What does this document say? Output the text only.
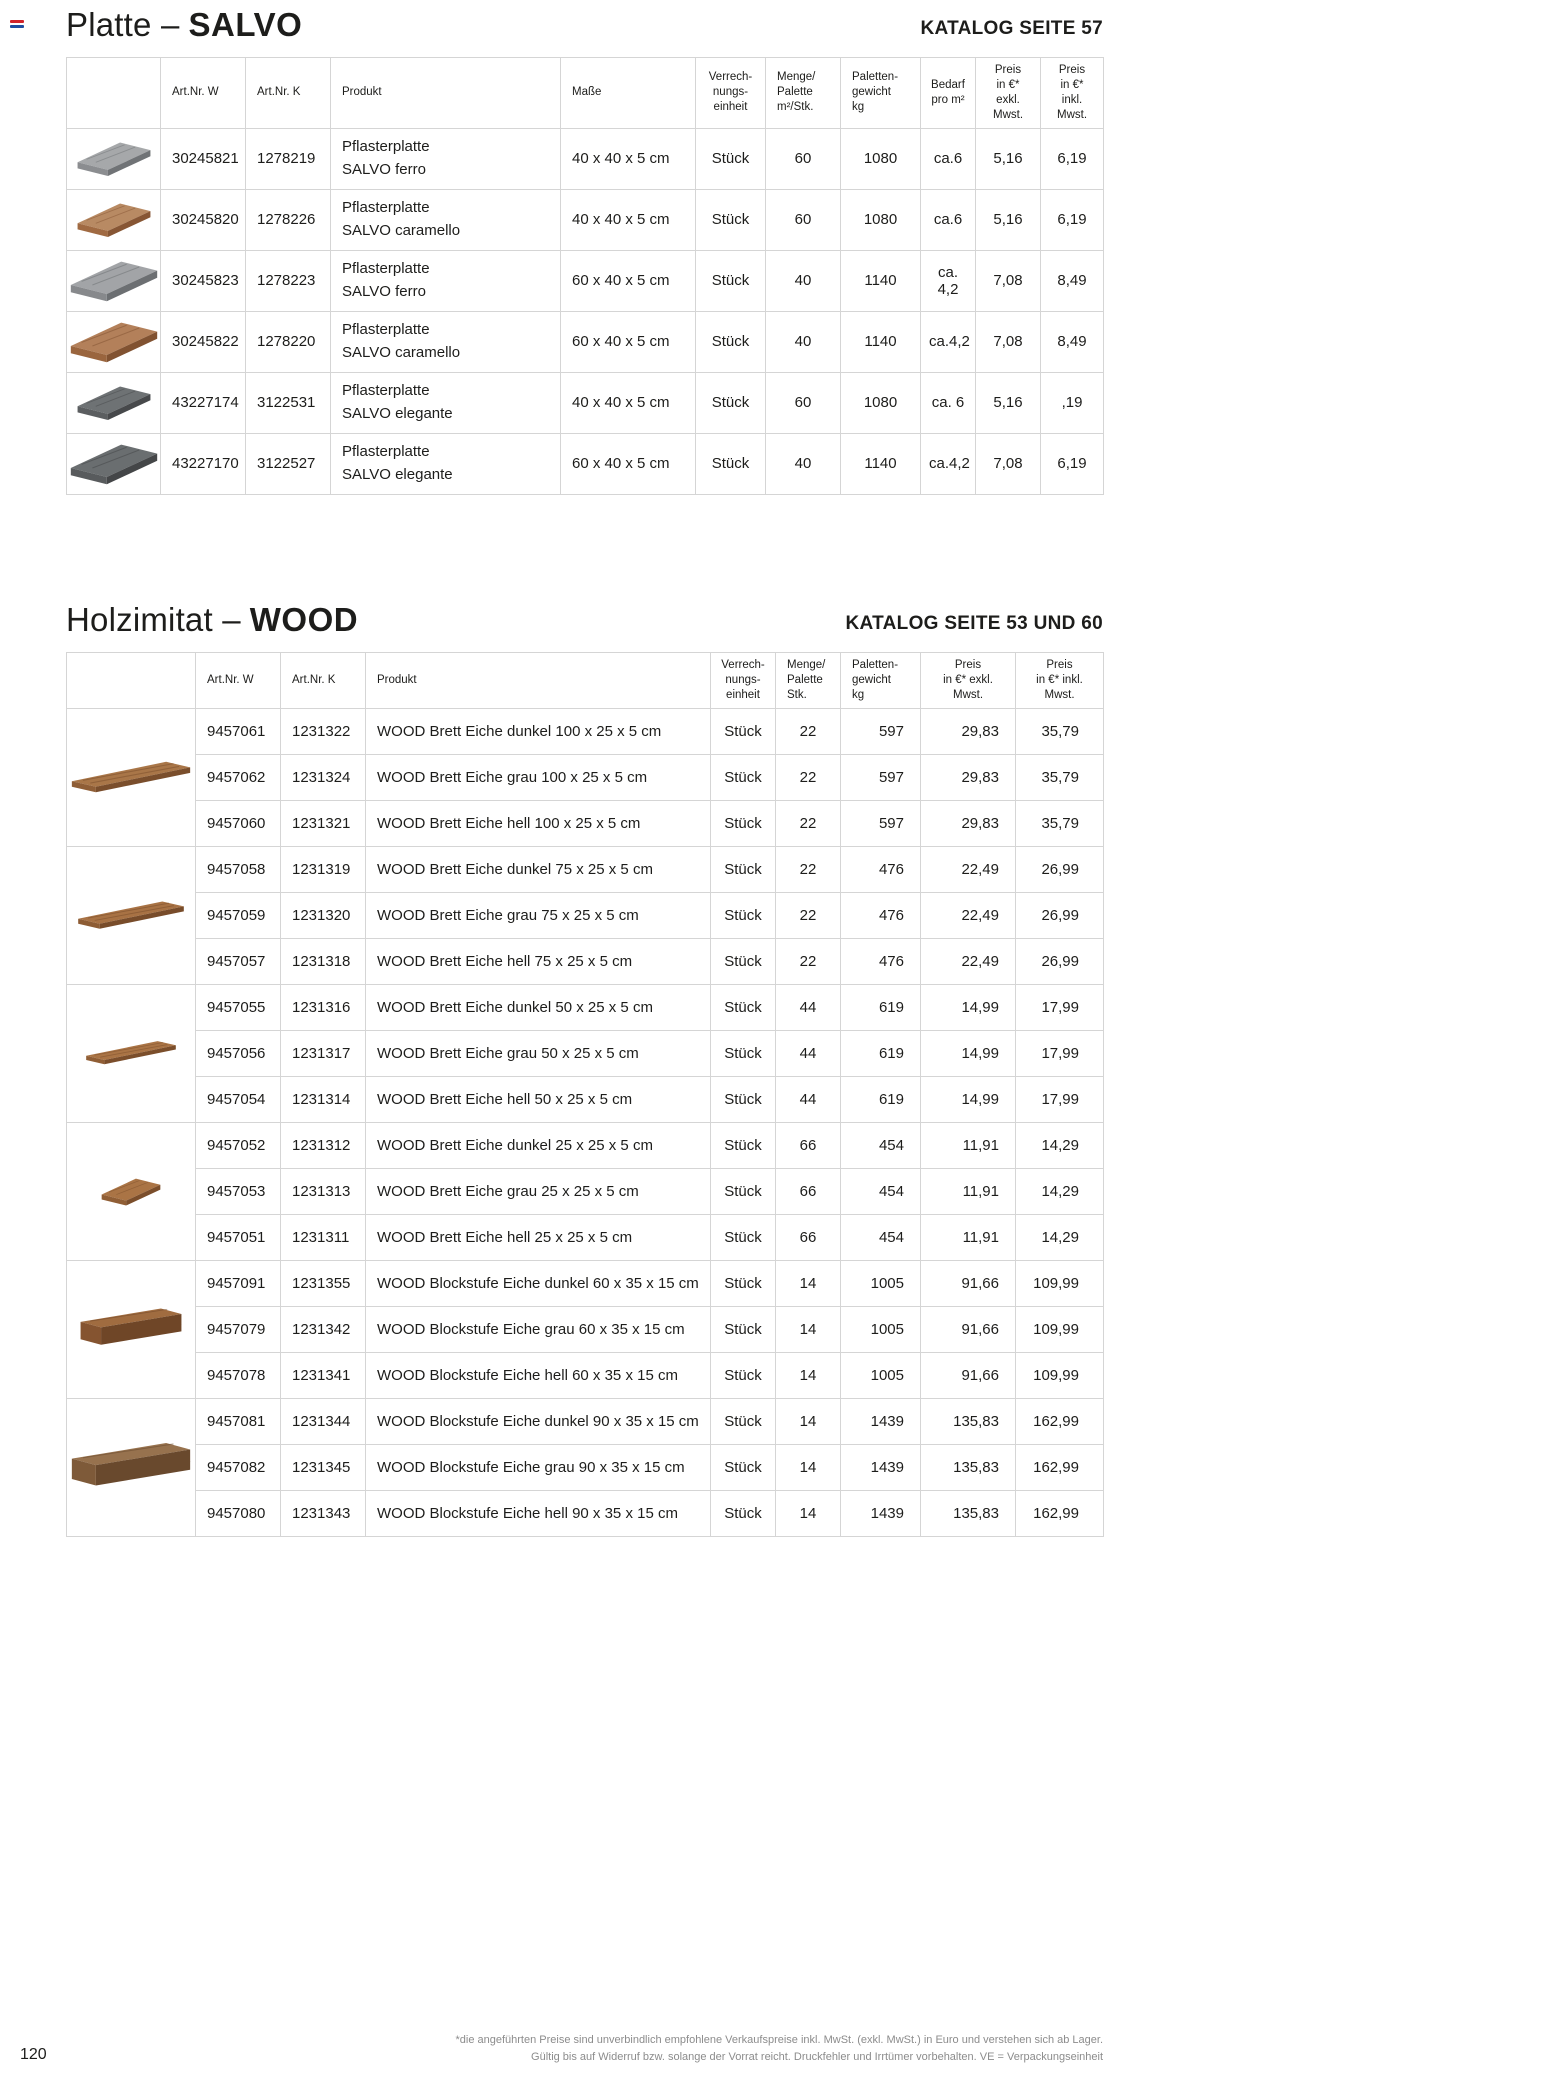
Platte – SALVO	KATALOG SEITE 57
	Art.Nr. W	Art.Nr. K	Produkt	Maße	Verrech-
nungs-
einheit	Menge/
Palette
m²/Stk.	Paletten-
gewicht
kg	Bedarf
pro m²	Preis
in €* exkl.
Mwst.	Preis
in €* inkl.
Mwst.
	30245821	1278219	Pflasterplatte
SALVO ferro	40 x 40 x 5 cm	Stück	60	1080	ca.6	5,16	6,19
	30245820	1278226	Pflasterplatte
SALVO caramello	40 x 40 x 5 cm	Stück	60	1080	ca.6	5,16	6,19
	30245823	1278223	Pflasterplatte
SALVO ferro	60 x 40 x 5 cm	Stück	40	1140	ca. 4,2	7,08	8,49
	30245822	1278220	Pflasterplatte
SALVO caramello	60 x 40 x 5 cm	Stück	40	1140	ca.4,2	7,08	8,49
	43227174	3122531	Pflasterplatte
SALVO elegante	40 x 40 x 5 cm	Stück	60	1080	ca. 6	5,16	,19
	43227170	3122527	Pflasterplatte
SALVO elegante	60 x 40 x 5 cm	Stück	40	1140	ca.4,2	7,08	6,19
Holzimitat – WOOD	KATALOG SEITE 53 UND 60
	Art.Nr. W	Art.Nr. K	Produkt	Verrech-
nungs-
einheit	Menge/
Palette
Stk.	Paletten-
gewicht
kg	Preis
in €* exkl.
Mwst.	Preis
in €* inkl.
Mwst.
	9457061	1231322	WOOD Brett Eiche dunkel 100 x 25 x 5 cm	Stück	22	597	29,83	35,79
	9457062	1231324	WOOD Brett Eiche grau 100 x 25 x 5 cm	Stück	22	597	29,83	35,79
	9457060	1231321	WOOD Brett Eiche hell 100 x 25 x 5 cm	Stück	22	597	29,83	35,79
	9457058	1231319	WOOD Brett Eiche dunkel 75 x 25 x 5 cm	Stück	22	476	22,49	26,99
	9457059	1231320	WOOD Brett Eiche grau 75 x 25 x 5 cm	Stück	22	476	22,49	26,99
	9457057	1231318	WOOD Brett Eiche hell 75 x 25 x 5 cm	Stück	22	476	22,49	26,99
	9457055	1231316	WOOD Brett Eiche dunkel 50 x 25 x 5 cm	Stück	44	619	14,99	17,99
	9457056	1231317	WOOD Brett Eiche grau 50 x 25 x 5 cm	Stück	44	619	14,99	17,99
	9457054	1231314	WOOD Brett Eiche hell 50 x 25 x 5 cm	Stück	44	619	14,99	17,99
	9457052	1231312	WOOD Brett Eiche dunkel 25 x 25 x 5 cm	Stück	66	454	11,91	14,29
	9457053	1231313	WOOD Brett Eiche grau 25 x 25 x 5 cm	Stück	66	454	11,91	14,29
	9457051	1231311	WOOD Brett Eiche hell 25 x 25 x 5 cm	Stück	66	454	11,91	14,29
	9457091	1231355	WOOD Blockstufe Eiche dunkel 60 x 35 x 15 cm	Stück	14	1005	91,66	109,99
	9457079	1231342	WOOD Blockstufe Eiche grau 60 x 35 x 15 cm	Stück	14	1005	91,66	109,99
	9457078	1231341	WOOD Blockstufe Eiche hell 60 x 35 x 15 cm	Stück	14	1005	91,66	109,99
	9457081	1231344	WOOD Blockstufe Eiche dunkel 90 x 35 x 15 cm	Stück	14	1439	135,83	162,99
	9457082	1231345	WOOD Blockstufe Eiche grau 90 x 35 x 15 cm	Stück	14	1439	135,83	162,99
	9457080	1231343	WOOD Blockstufe Eiche hell 90 x 35 x 15 cm	Stück	14	1439	135,83	162,99
120
*die angeführten Preise sind unverbindlich empfohlene Verkaufspreise inkl. MwSt. (exkl. MwSt.) in Euro und verstehen sich ab Lager.
Gültig bis auf Widerruf bzw. solange der Vorrat reicht. Druckfehler und Irrtümer vorbehalten. VE = Verpackungseinheit
